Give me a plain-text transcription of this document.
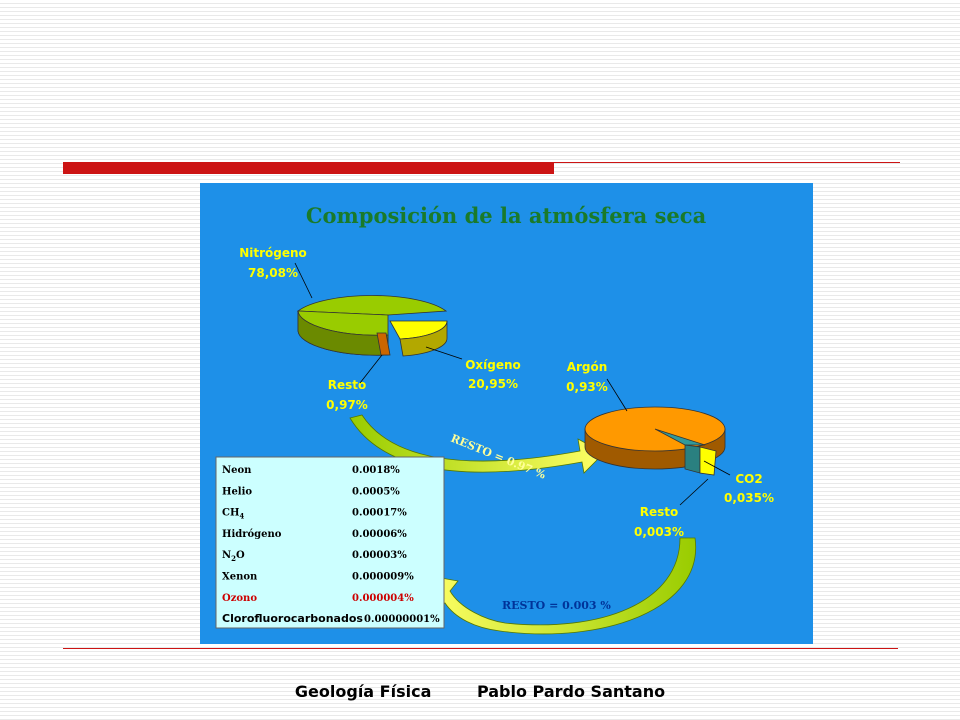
Composición de la atmósfera seca
Nitrógeno
78,08%
Oxígeno
20,95%
Resto
0,97%
RESTO = 0.97 %
Argón
0,93%
CO2
0,035%
Resto
0,003%
RESTO = 0.003 %
Neon	0.0018%
Helio	0.0005%
$CH_4$	0.00017%
Hidrógeno	0.00006%
$N_2O$	0.00003%
Xenon	0.000009%
Ozono	0.000004%
Clorofluorocarbonados 0.00000001%
Geología Física	Pablo Pardo Santano
